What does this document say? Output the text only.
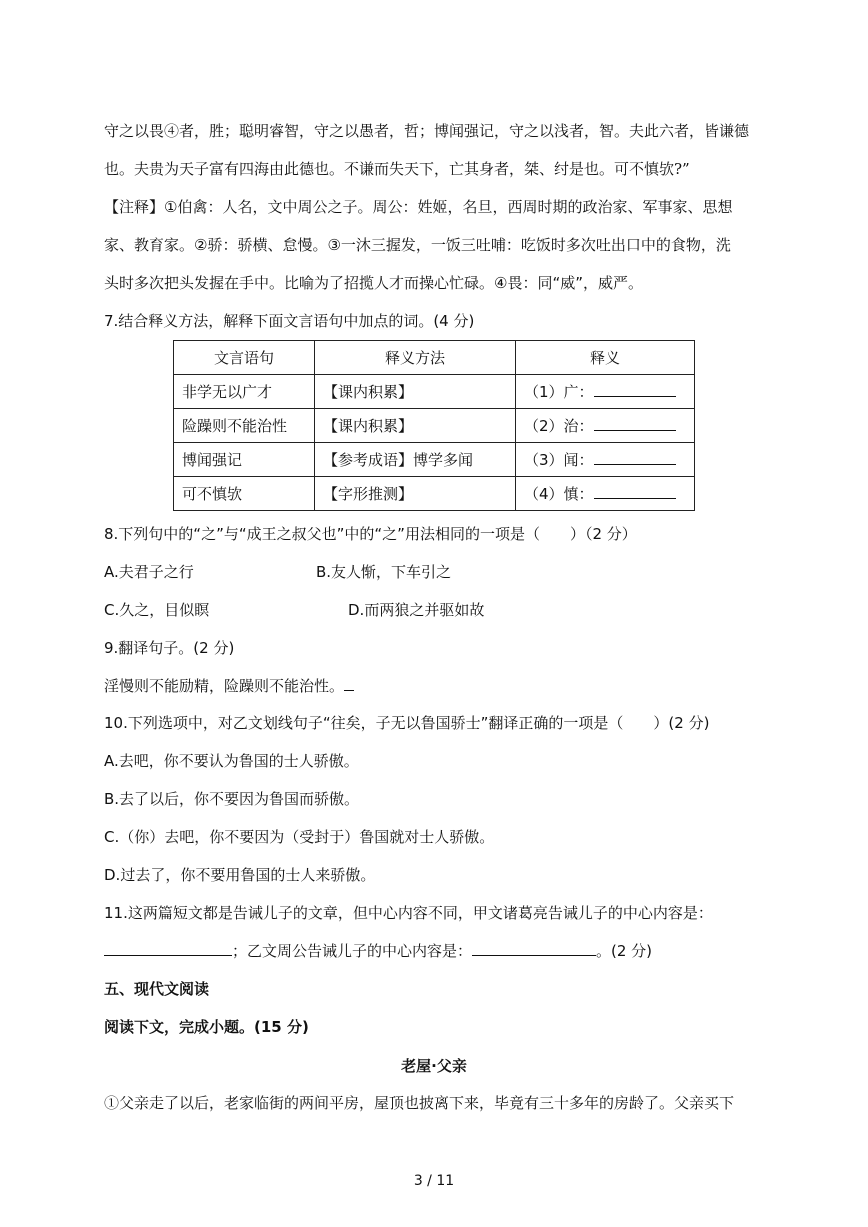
守之以畏④者，胜；聪明睿智，守之以愚者，哲；博闻强记，守之以浅者，智。夫此六者，皆谦德
也。夫贵为天子富有四海由此德也。不谦而失天下，亡其身者，桀、纣是也。可不慎欤?”
【注释】①伯禽：人名，文中周公之子。周公：姓姬，名旦，西周时期的政治家、军事家、思想
家、教育家。②骄：骄横、怠慢。③一沐三握发，一饭三吐哺：吃饭时多次吐出口中的食物，洗
头时多次把头发握在手中。比喻为了招揽人才而操心忙碌。④畏：同“威”，威严。
7.结合释义方法，解释下面文言语句中加点的词。(4 分)
文言语句	释义方法	释义
非学无以广才	【课内积累】	（1）广：
险躁则不能治性	【课内积累】	（2）治：
博闻强记	【参考成语】博学多闻	（3）闻：
可不慎欤	【字形推测】	（4）慎：
8.下列句中的“之”与“成王之叔父也”中的“之”用法相同的一项是（　　）（2 分）
A.夫君子之行	B.友人惭，下车引之
C.久之，目似瞑	D.而两狼之并驱如故
9.翻译句子。(2 分)
淫慢则不能励精，险躁则不能治性。
10.下列选项中，对乙文划线句子“往矣，子无以鲁国骄士”翻译正确的一项是（　　）(2 分)
A.去吧，你不要认为鲁国的士人骄傲。
B.去了以后，你不要因为鲁国而骄傲。
C.（你）去吧，你不要因为（受封于）鲁国就对士人骄傲。
D.过去了，你不要用鲁国的士人来骄傲。
11.这两篇短文都是告诫儿子的文章，但中心内容不同，甲文诸葛亮告诫儿子的中心内容是：
；乙文周公告诫儿子的中心内容是：	。(2 分)
五、现代文阅读
阅读下文，完成小题。(15 分)
老屋·父亲
①父亲走了以后，老家临街的两间平房，屋顶也披离下来，毕竟有三十多年的房龄了。父亲买下
3 / 11
